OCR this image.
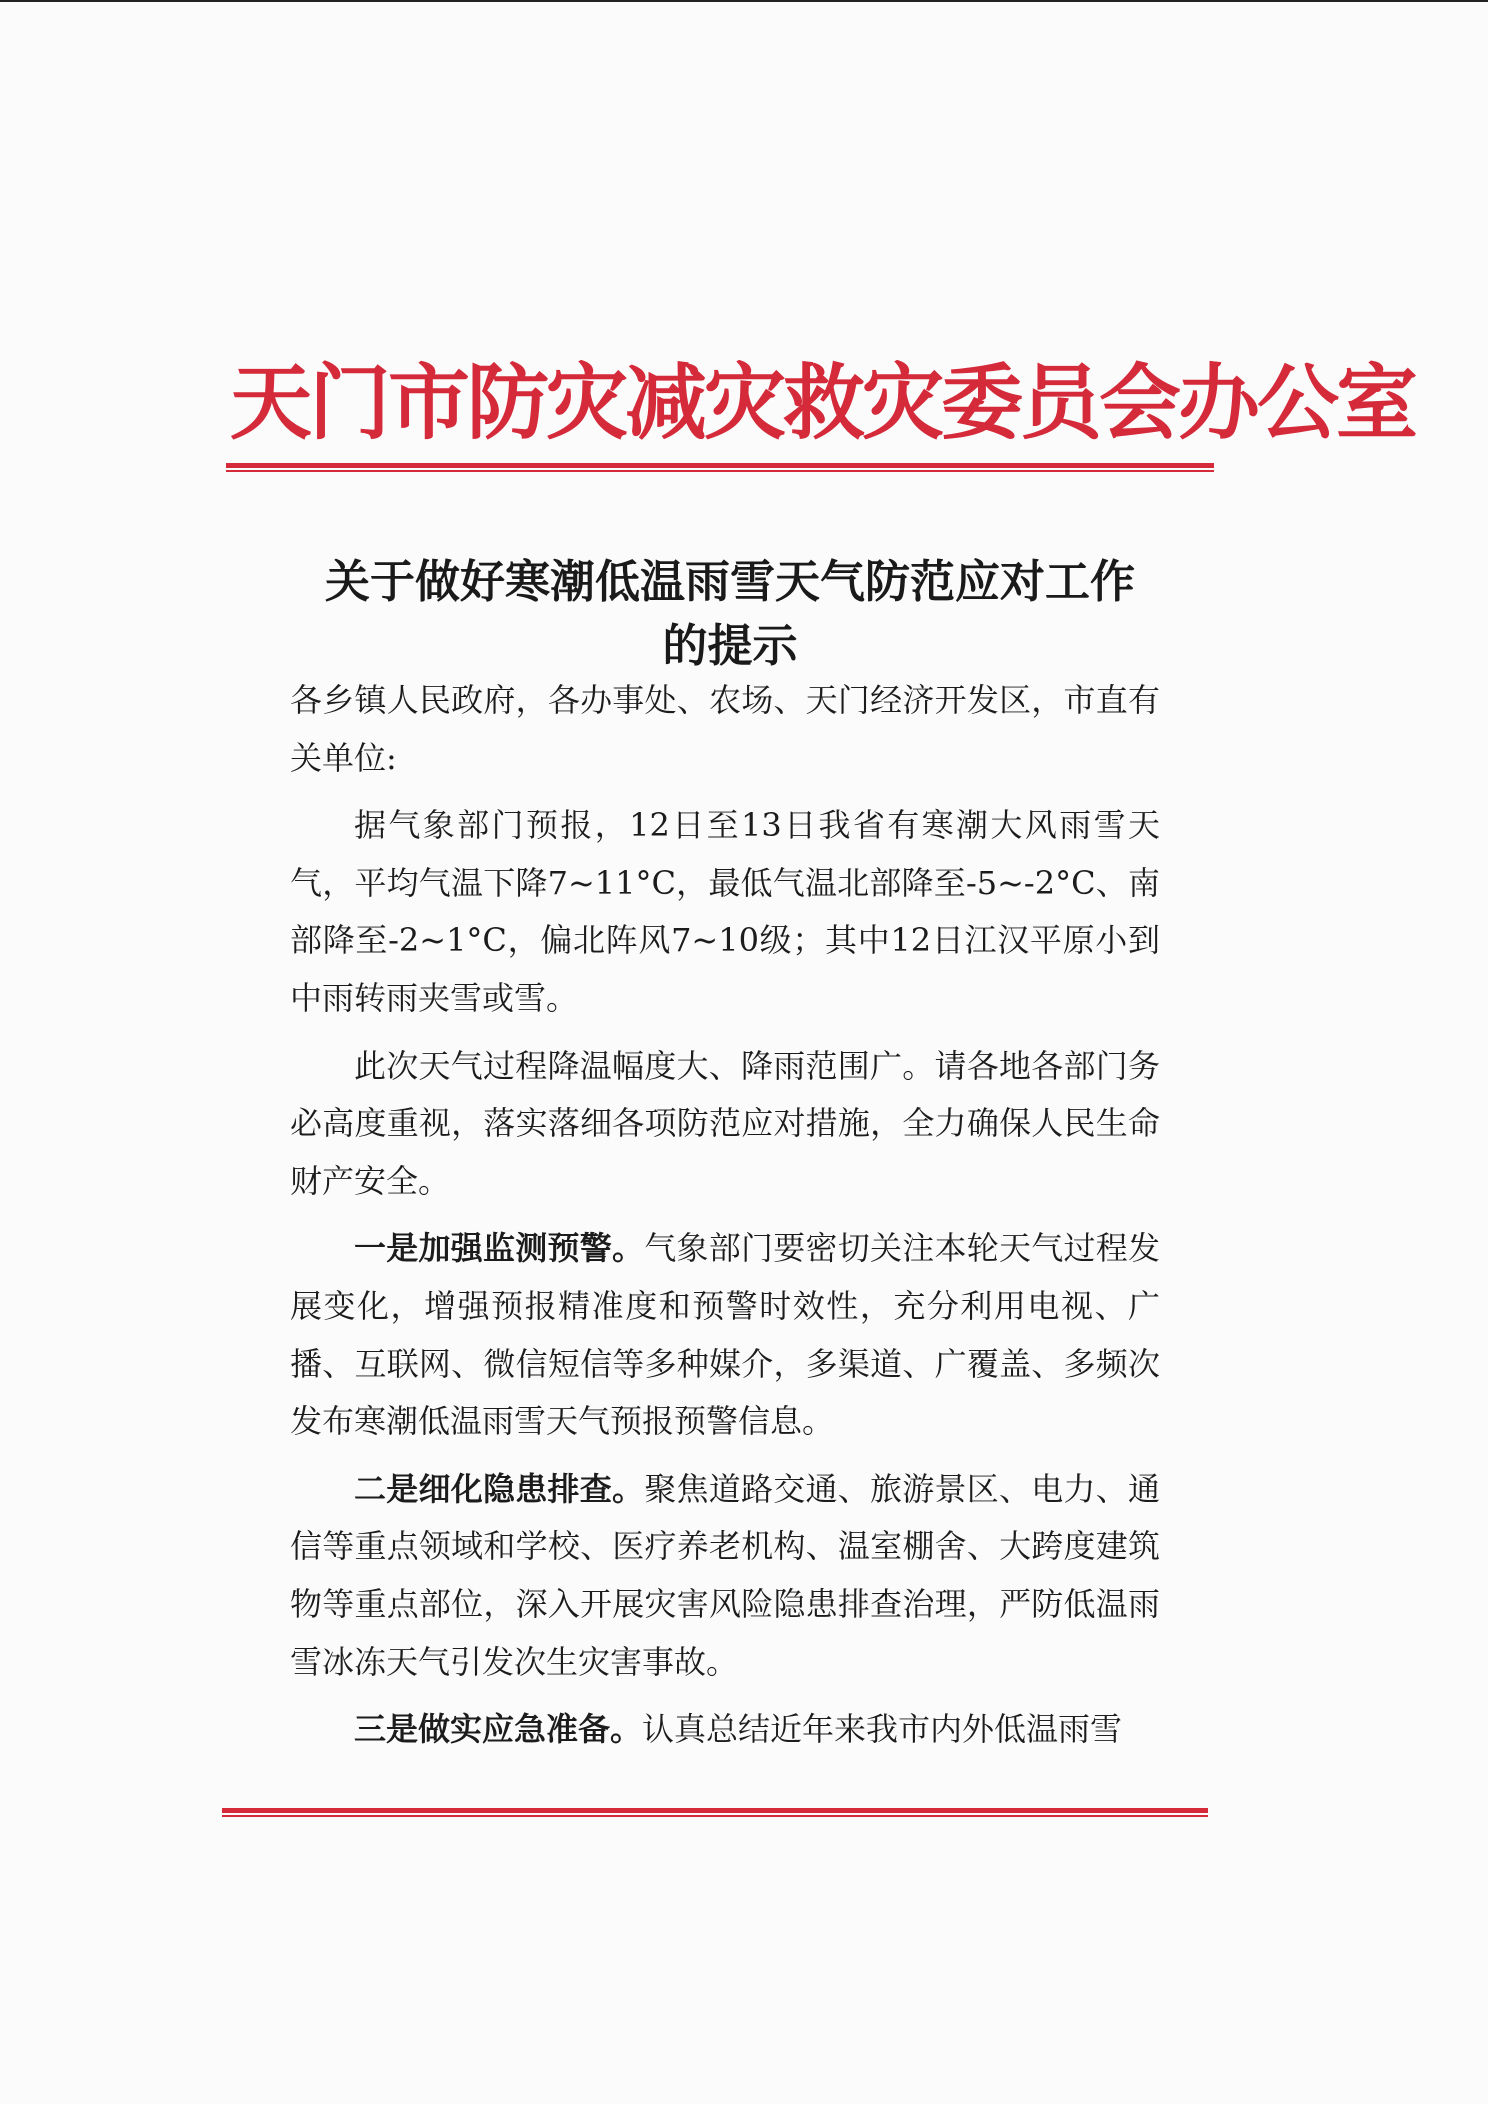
天门市防灾减灾救灾委员会办公室
关于做好寒潮低温雨雪天气防范应对工作
的提示

各乡镇人民政府，各办事处、农场、天门经济开发区，市直有关单位:

据气象部门预报，12日至13日我省有寒潮大风雨雪天气，平均气温下降7~11°C，最低气温北部降至-5~-2°C、南部降至-2~1°C，偏北阵风7~10级；其中12日江汉平原小到中雨转雨夹雪或雪。

此次天气过程降温幅度大、降雨范围广。请各地各部门务必高度重视，落实落细各项防范应对措施，全力确保人民生命财产安全。

一是加强监测预警。气象部门要密切关注本轮天气过程发展变化，增强预报精准度和预警时效性，充分利用电视、广播、互联网、微信短信等多种媒介，多渠道、广覆盖、多频次发布寒潮低温雨雪天气预报预警信息。

二是细化隐患排查。聚焦道路交通、旅游景区、电力、通信等重点领域和学校、医疗养老机构、温室棚舍、大跨度建筑物等重点部位，深入开展灾害风险隐患排查治理，严防低温雨雪冰冻天气引发次生灾害事故。

三是做实应急准备。认真总结近年来我市内外低温雨雪
